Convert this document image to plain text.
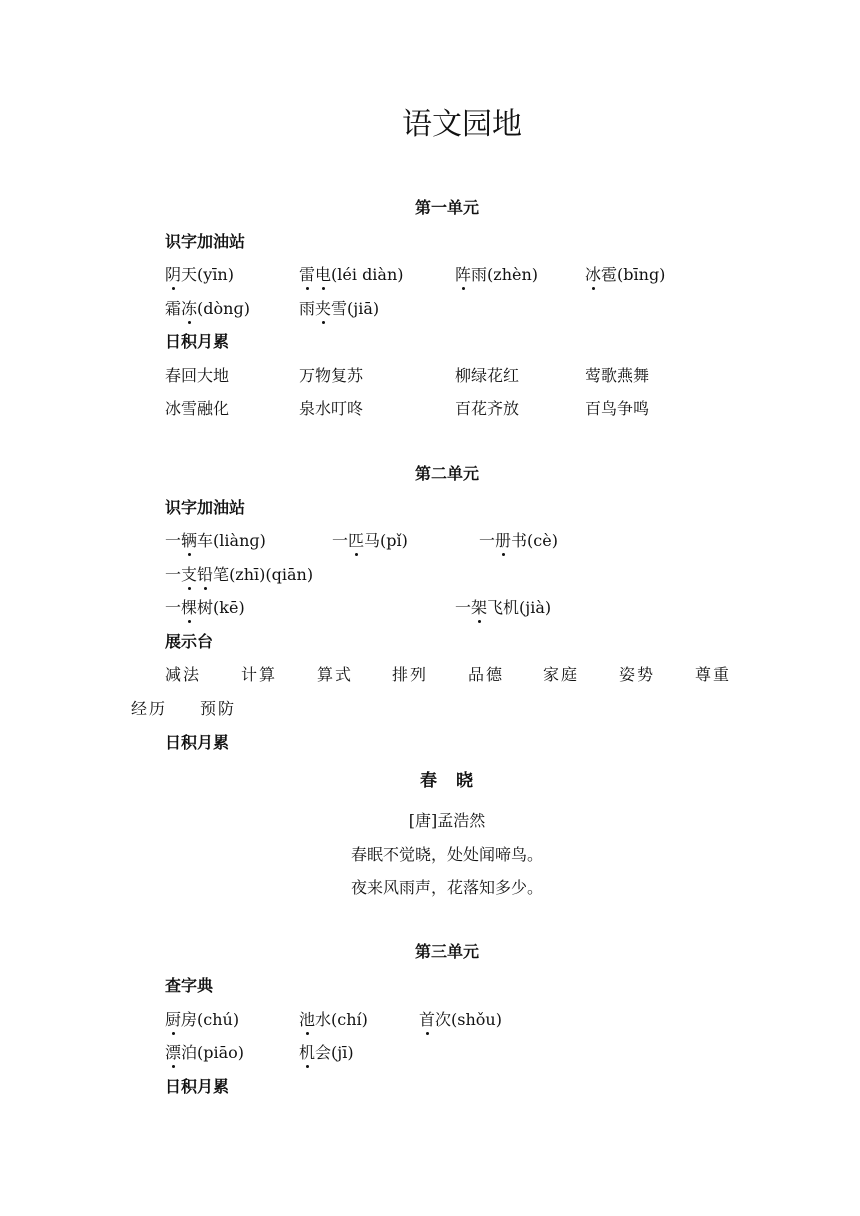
语文园地
第一单元
识字加油站
阴天(yīn)	雷电(léi diàn)	阵雨(zhèn)	冰雹(bīng)
霜冻(dònɡ)	雨夹雪(jiā)
日积月累
春回大地	万物复苏	柳绿花红	莺歌燕舞
冰雪融化	泉水叮咚	百花齐放	百鸟争鸣
第二单元
识字加油站
一辆车(liànɡ)	一匹马(pǐ)	一册书(cè)
一支铅笔(zhī)(qiān)
一棵树(kē)	一架飞机(jià)
展示台
减法 计算 算式 排列 品德 家庭 姿势 尊重
经历 预防
日积月累
春　晓
[唐]孟浩然
春眠不觉晓，处处闻啼鸟。
夜来风雨声，花落知多少。
第三单元
查字典
厨房(chú)	池水(chí)	首次(shǒu)
漂泊(piāo)	机会(jī)
日积月累
